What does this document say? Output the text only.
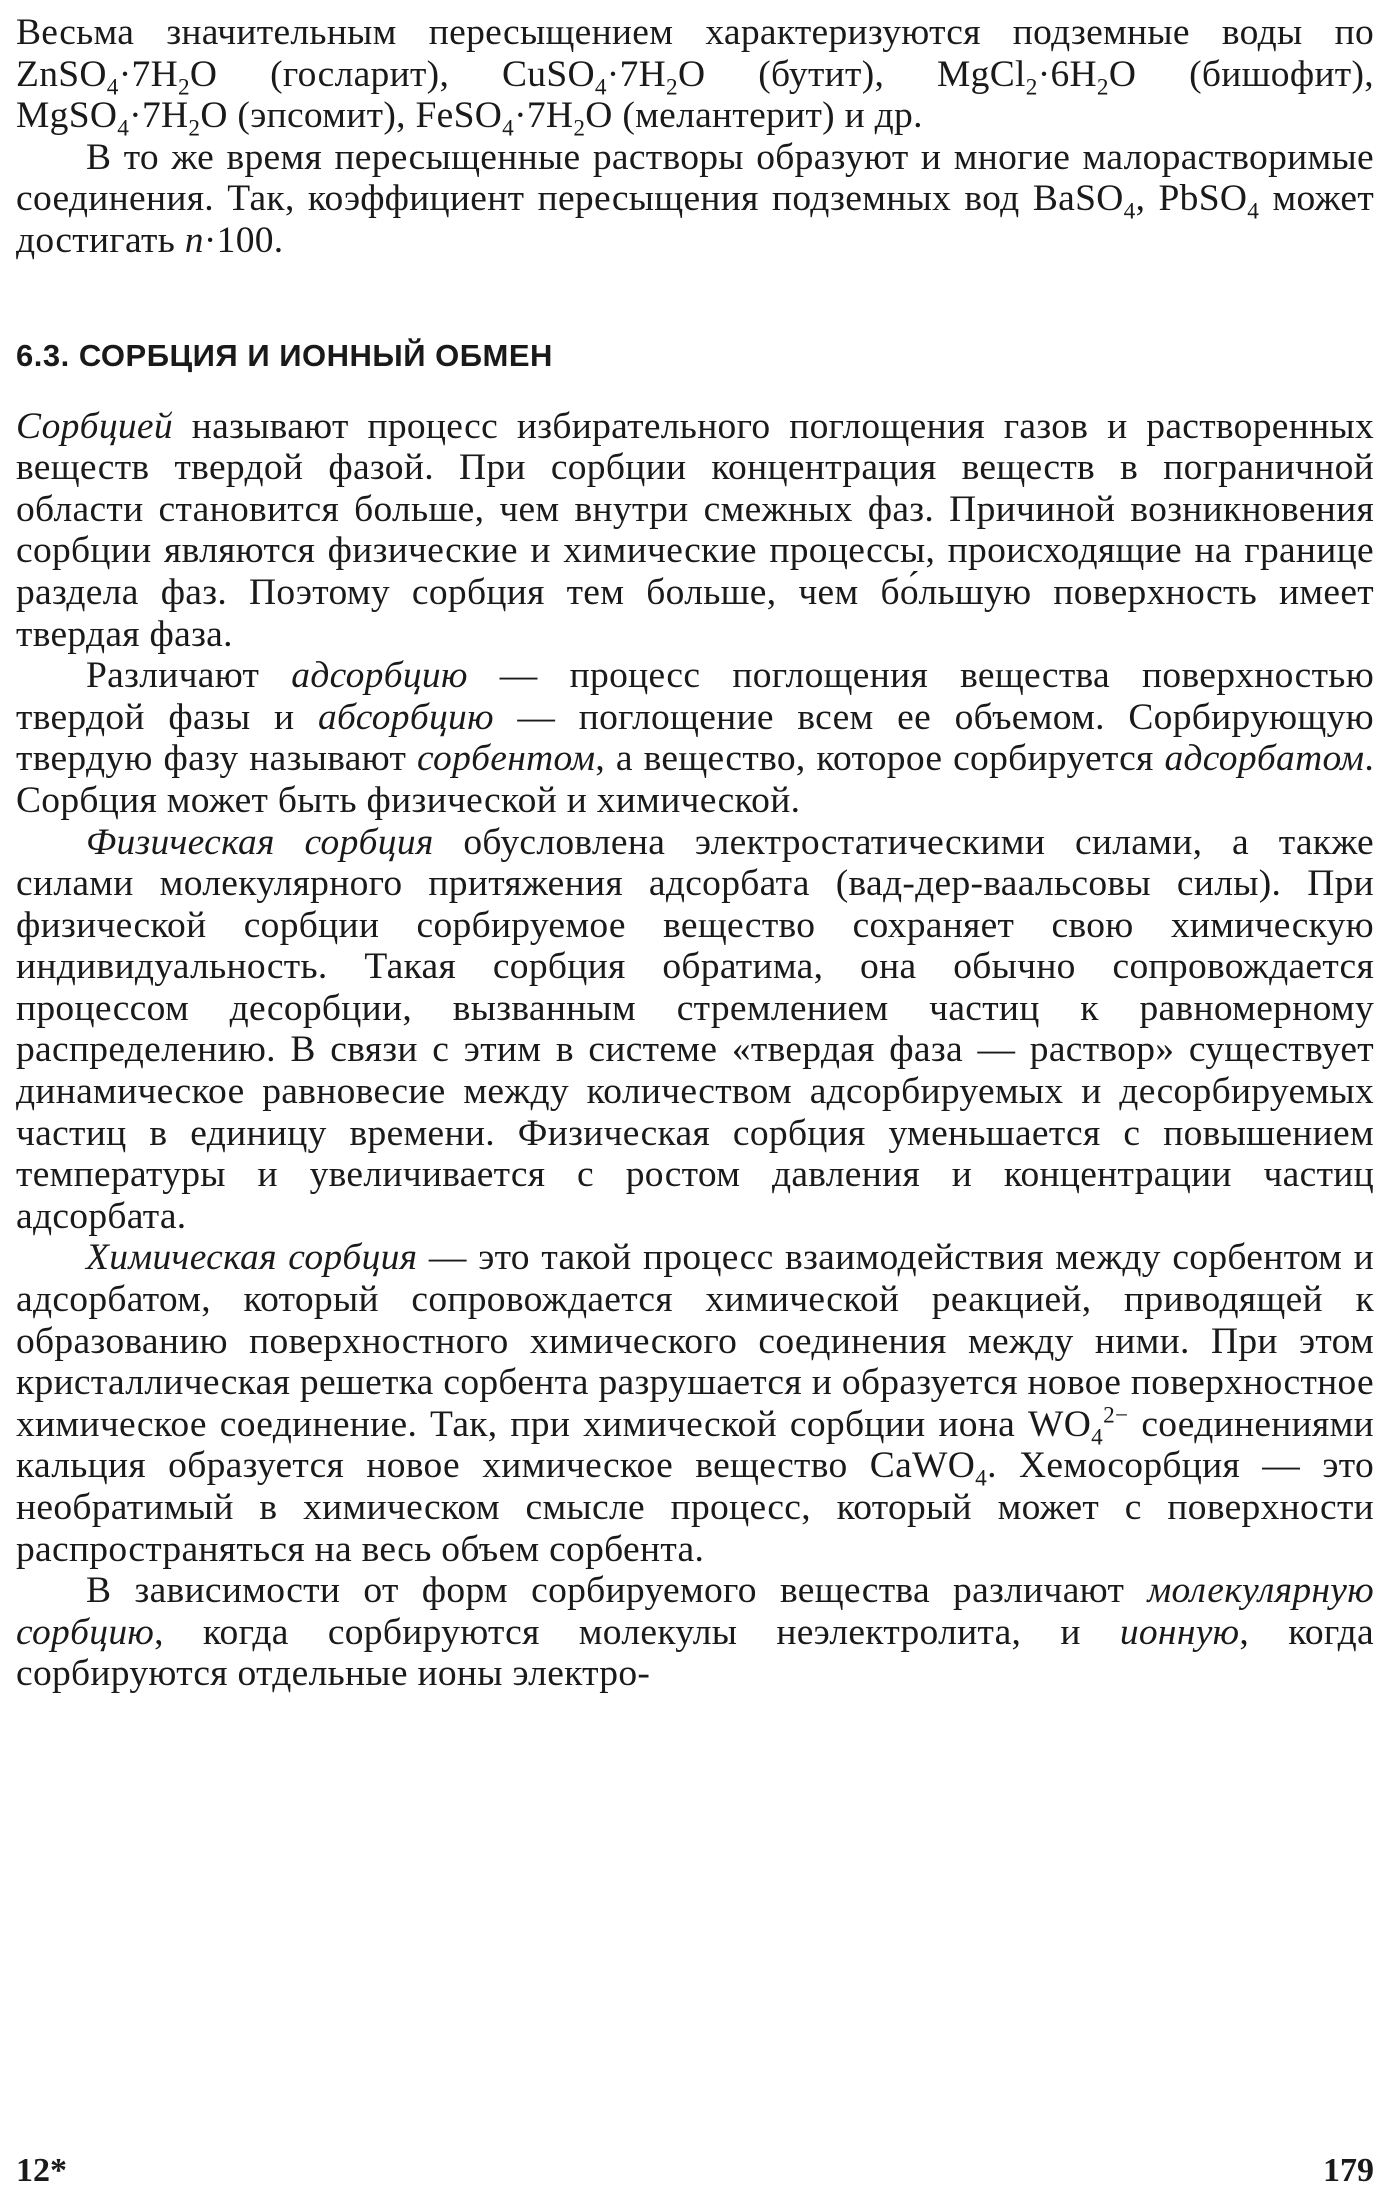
Весьма значительным пересыщением характеризуются подземные воды по $ZnSO_4\cdot 7H_2O$ (госларит), $CuSO_4\cdot 7H_2O$ (бутит), $MgCl_2\cdot 6H_2O$ (бишофит), $MgSO_4\cdot 7H_2O$ (эпсомит), $FeSO_4\cdot 7H_2O$ (мелантерит) и др.

В то же время пересыщенные растворы образуют и многие малорастворимые соединения. Так, коэффициент пересыщения подземных вод BaSO$_4$, PbSO$_4$ может достигать n·100.

6.3. СОРБЦИЯ И ИОННЫЙ ОБМЕН

Сорбцией называют процесс избирательного поглощения газов и растворенных веществ твердой фазой. При сорбции концентрация веществ в пограничной области становится больше, чем внутри смежных фаз. Причиной возникновения сорбции являются физические и химические процессы, происходящие на границе раздела фаз. Поэтому сорбция тем больше, чем бо́льшую поверхность имеет твердая фаза.

Различают адсорбцию — процесс поглощения вещества поверхностью твердой фазы и абсорбцию — поглощение всем ее объемом. Сорбирующую твердую фазу называют сорбентом, а вещество, которое сорбируется адсорбатом. Сорбция может быть физической и химической.

Физическая сорбция обусловлена электростатическими силами, а также силами молекулярного притяжения адсорбата (вад-дер-ваальсовы силы). При физической сорбции сорбируемое вещество сохраняет свою химическую индивидуальность. Такая сорбция обратима, она обычно сопровождается процессом десорбции, вызванным стремлением частиц к равномерному распределению. В связи с этим в системе «твердая фаза — раствор» существует динамическое равновесие между количеством адсорбируемых и десорбируемых частиц в единицу времени. Физическая сорбция уменьшается с повышением температуры и увеличивается с ростом давления и концентрации частиц адсорбата.

Химическая сорбция — это такой процесс взаимодействия между сорбентом и адсорбатом, который сопровождается химической реакцией, приводящей к образованию поверхностного химического соединения между ними. При этом кристаллическая решетка сорбента разрушается и образуется новое поверхностное химическое соединение. Так, при химической сорбции иона $WO_4^{2-}$ соединениями кальция образуется новое химическое вещество CaWO$_4$. Хемосорбция — это необратимый в химическом смысле процесс, который может с поверхности распространяться на весь объем сорбента.

В зависимости от форм сорбируемого вещества различают молекулярную сорбцию, когда сорбируются молекулы неэлектролита, и ионную, когда сорбируются отдельные ионы электро-

12*	179
